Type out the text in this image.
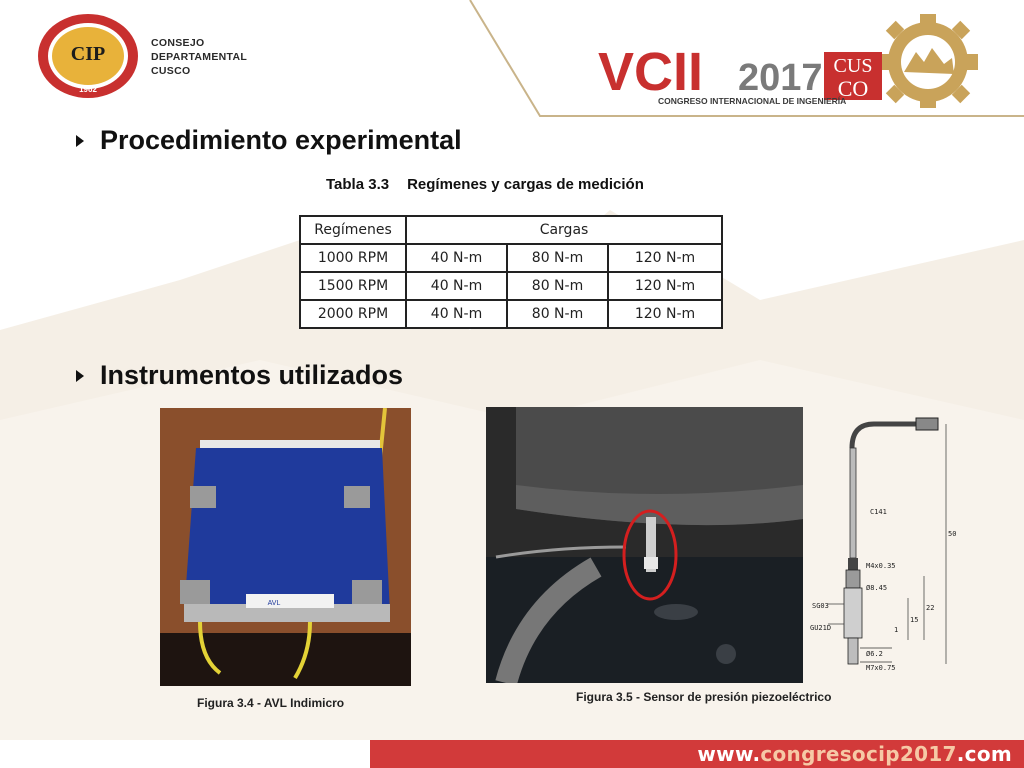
CIP
1962
CONSEJO
DEPARTAMENTAL
CUSCO	VCII 2017 CUS
CO
CONGRESO INTERNACIONAL DE INGENIERÍA
Procedimiento experimental
Tabla 3.3 Regímenes y cargas de medición
Regímenes	Cargas		
1000 RPM	40 N-m	80 N-m	120 N-m
1500 RPM	40 N-m	80 N-m	120 N-m
2000 RPM	40 N-m	80 N-m	120 N-m
Instrumentos utilizados
AVL
C141
M4x0.35
Ø8.45
SG03
GU21D
Ø6.2
M7x0.75
50
22
15
1
Figura 3.4 - AVL Indimicro	Figura 3.5 - Sensor de presión piezoeléctrico
www.congresocip2017.com
